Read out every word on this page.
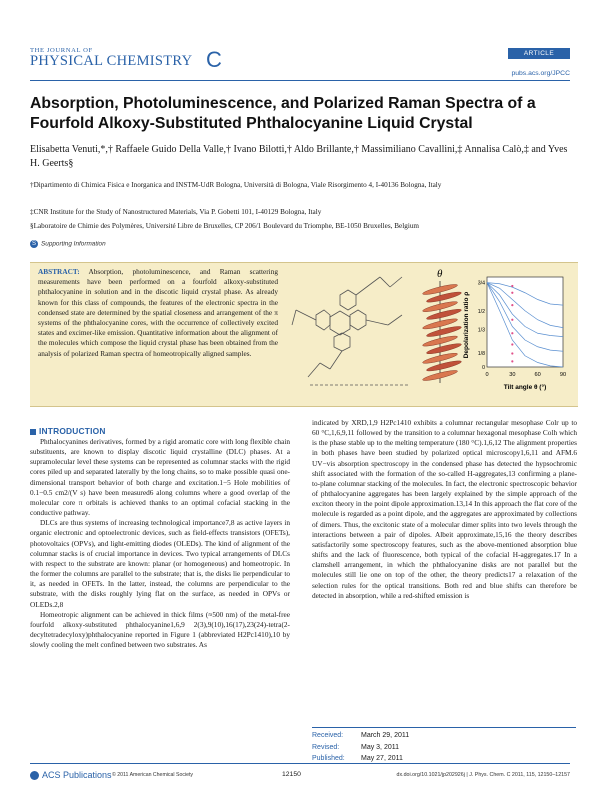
THE JOURNAL OF
PHYSICAL CHEMISTRY C	ARTICLE
pubs.acs.org/JPCC
Absorption, Photoluminescence, and Polarized Raman Spectra of a Fourfold Alkoxy-Substituted Phthalocyanine Liquid Crystal
Elisabetta Venuti,*,† Raffaele Guido Della Valle,† Ivano Bilotti,† Aldo Brillante,† Massimiliano Cavallini,‡ Annalisa Calò,‡ and Yves H. Geerts§
†Dipartimento di Chimica Fisica e Inorganica and INSTM-UdR Bologna, Università di Bologna, Viale Risorgimento 4, I-40136 Bologna, Italy
‡CNR Institute for the Study of Nanostructured Materials, Via P. Gobetti 101, I-40129 Bologna, Italy
§Laboratoire de Chimie des Polymères, Université Libre de Bruxelles, CP 206/1 Boulevard du Triomphe, BE-1050 Bruxelles, Belgium
S Supporting Information
ABSTRACT: Absorption, photoluminescence, and Raman scattering measurements have been performed on a fourfold alkoxy-substituted phthalocyanine in solution and in the discotic liquid crystal phase. As already known for this class of compounds, the features of the electronic spectra in the condensed state are determined by the spatial closeness and arrangement of the π systems of the phthalocyanine cores, with the occurrence of collectively excited states and excimer-like emission. Quantitative information about the alignment of the molecules which compose the liquid crystal phase has been obtained from the analysis of polarized Raman spectra of homeotropically aligned samples.
θ
Depolarization ratio ρ
Tilt angle θ (°)
3/4
1/2
1/3
1/8
0
0	30	60	90
INTRODUCTION

Phthalocyanines derivatives, formed by a rigid aromatic core with long flexible chain substituents, are known to display discotic liquid crystalline (DLC) phases. At a supramolecular level these systems can be represented as columnar stacks with the rigid cores piled up and separated laterally by the long chains, so to make possible quasi one-dimensional transport behavior of both charge and excitation.1−5 Hole mobilities of 0.1−0.5 cm2/(V s) have been measured6 along columns where a good overlap of the molecular core π orbitals is achieved thanks to an optimal cofacial stacking in the conductive pathway.

DLCs are thus systems of increasing technological importance7,8 as active layers in organic electronic and optoelectronic devices, such as field-effects transistors (OFETs), photovoltaics (OPVs), and light-emitting diodes (OLEDs). The kind of alignment of the columnar stacks is of crucial importance in devices. Two typical arrangements of DLCs with respect to the substrate are known: planar (or homogeneous) and homeotropic. In the former the columns are parallel to the substrate; that is, the disks lie perpendicular to it, as needed in OFETs. In the latter, instead, the columns are perpendicular to the substrate, with the disks roughly lying flat on the surface, as needed in OPVs or OLEDs.2,8

Homeotropic alignment can be achieved in thick films (≈500 nm) of the metal-free fourfold alkoxy-substituted phthalocyanine1,6,9 2(3),9(10),16(17),23(24)-tetra(2-decyltetradecyloxy)phthalocyanine reported in Figure 1 (abbreviated H2Pc1410),10 by slowly cooling the melt confined between two substrates. As

indicated by XRD,1,9 H2Pc1410 exhibits a columnar rectangular mesophase Colr up to 60 °C,1,6,9,11 followed by the transition to a columnar hexagonal mesophase Colh which is the phase stable up to the melting temperature (180 °C).1,6,12 The alignment properties in both phases have been studied by polarized optical microscopy1,6,11 and AFM.6 UV−vis absorption spectroscopy in the condensed phase has detected the hypsochromic shift associated with the formation of the so-called H-aggregates,13 confirming a plane-to-plane columnar stacking of the molecules. In fact, the electronic spectroscopic behavior of phthalocyanine aggregates has been largely explained by the simple approach of the exciton theory in the point dipole approximation.13,14 In this approach the flat core of the molecule is regarded as a point dipole, and the aggregates are approximated by collections of dimers. Thus, the excitonic state of a molecular dimer splits into two levels through the interactions between a pair of dipoles. Albeit approximate,15,16 the theory describes satisfactorily some spectroscopy features, such as the above-mentioned absorption blue shifts and the lack of fluorescence, both typical of the cofacial H-aggregates.17 In a clamshell arrangement, in which the phthalocyanine disks are not parallel but the molecules still lie one on top of the other, the theory predicts17 a relaxation of the selection rules for the optical transitions. Both red and blue shifts can therefore be detected in absorption, while a red-shifted emission is

Received:	March 29, 2011
Revised:	May 3, 2011
Published: May 27, 2011
ACS Publications © 2011 American Chemical Society	12150	dx.doi.org/10.1021/jp202926j | J. Phys. Chem. C 2011, 115, 12150–12157
